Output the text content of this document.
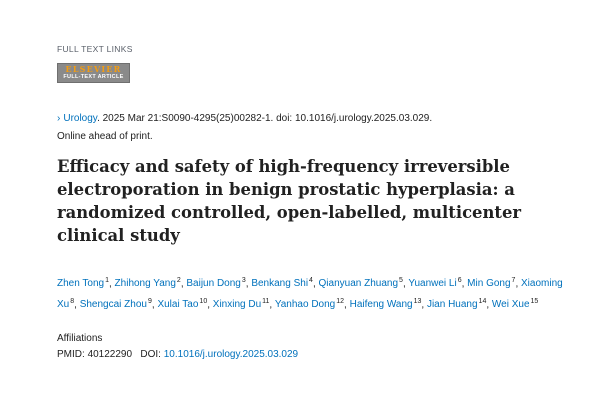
FULL TEXT LINKS
ELSEVIER
FULL-TEXT ARTICLE
› Urology. 2025 Mar 21:S0090-4295(25)00282-1. doi: 10.1016/j.urology.2025.03.029.
Online ahead of print.
Efficacy and safety of high-frequency irreversible electroporation in benign prostatic hyperplasia: a randomized controlled, open-labelled, multicenter clinical study
Zhen Tong$^1$, Zhihong Yang$^2$, Baijun Dong$^3$, Benkang Shi$^4$, Qianyuan Zhuang$^5$, Yuanwei Li$^6$, Min Gong$^7$, Xiaoming Xu$^8$, Shengcai Zhou$^9$, Xulai Tao$^{10}$, Xinxing Du$^{11}$, Yanhao Dong$^{12}$, Haifeng Wang$^{13}$, Jian Huang$^{14}$, Wei Xue$^{15}$
Affiliations
PMID: 40122290 DOI: 10.1016/j.urology.2025.03.029
